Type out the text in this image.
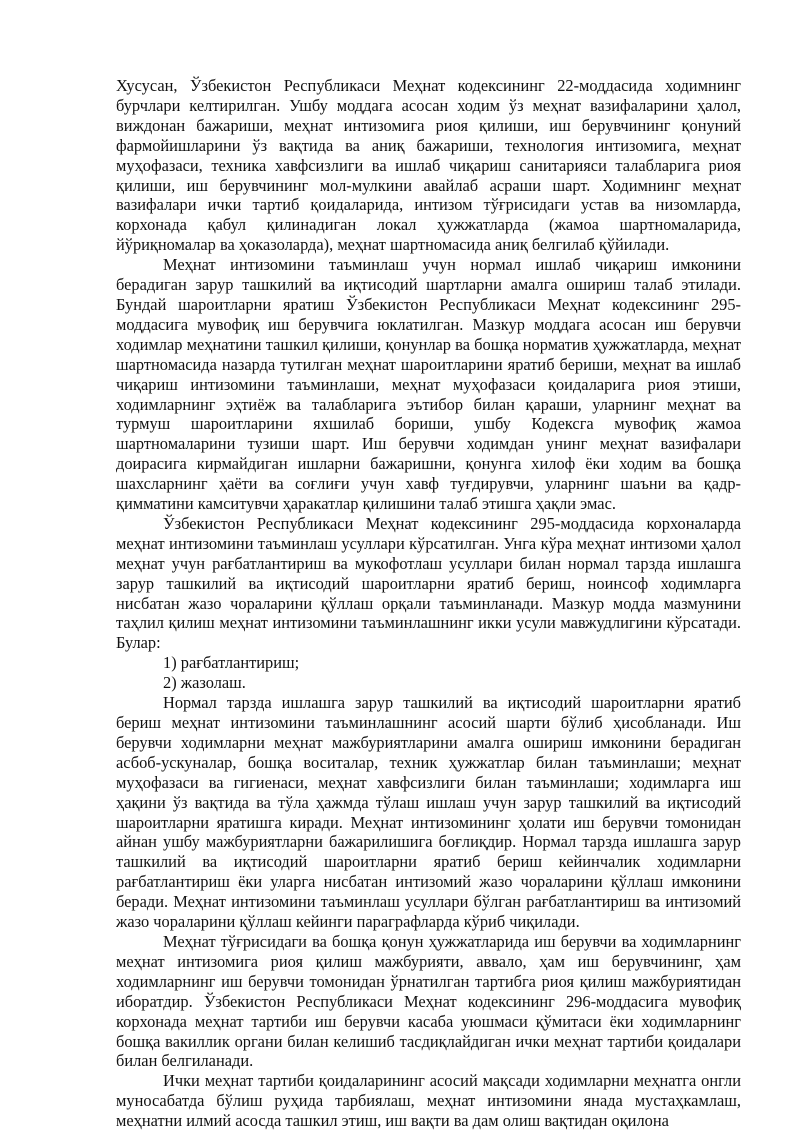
Хусусан, Ўзбекистон Республикаси Меҳнат кодексининг 22-моддасида ходимнинг бурчлари келтирилган. Ушбу моддага асосан ходим ўз меҳнат вазифаларини ҳалол, виждонан бажариши, меҳнат интизомига риоя қилиши, иш берувчининг қонуний фармойишларини ўз вақтида ва аниқ бажариши, технология интизомига, меҳнат муҳофазаси, техника хавфсизлиги ва ишлаб чиқариш санитарияси талабларига риоя қилиши, иш берувчининг мол-мулкини авайлаб асраши шарт. Ходимнинг меҳнат вазифалари ички тартиб қоидаларида, интизом тўғрисидаги устав ва низомларда, корхонада қабул қилинадиган локал ҳужжатларда (жамоа шартномаларида, йўриқномалар ва ҳоказоларда), меҳнат шартномасида аниқ белгилаб қўйилади.

Меҳнат интизомини таъминлаш учун нормал ишлаб чиқариш имконини берадиган зарур ташкилий ва иқтисодий шартларни амалга ошириш талаб этилади. Бундай шароитларни яратиш Ўзбекистон Республикаси Меҳнат кодексининг 295-моддасига мувофиқ иш берувчига юклатилган. Мазкур моддага асосан иш берувчи ходимлар меҳнатини ташкил қилиши, қонунлар ва бошқа норматив ҳужжатларда, меҳнат шартномасида назарда тутилган меҳнат шароитларини яратиб бериши, меҳнат ва ишлаб чиқариш интизомини таъминлаши, меҳнат муҳофазаси қоидаларига риоя этиши, ходимларнинг эҳтиёж ва талабларига эътибор билан қараши, уларнинг меҳнат ва турмуш шароитларини яхшилаб бориши, ушбу Кодексга мувофиқ жамоа шартномаларини тузиши шарт. Иш берувчи ходимдан унинг меҳнат вазифалари доирасига кирмайдиган ишларни бажаришни, қонунга хилоф ёки ходим ва бошқа шахсларнинг ҳаёти ва соғлиғи учун хавф туғдирувчи, уларнинг шаъни ва қадр-қимматини камситувчи ҳаракатлар қилишини талаб этишга ҳақли эмас.

Ўзбекистон Республикаси Меҳнат кодексининг 295-моддасида корхоналарда меҳнат интизомини таъминлаш усуллари кўрсатилган. Унга кўра меҳнат интизоми ҳалол меҳнат учун рағбатлантириш ва мукофотлаш усуллари билан нормал тарзда ишлашга зарур ташкилий ва иқтисодий шароитларни яратиб бериш, ноинсоф ходимларга нисбатан жазо чораларини қўллаш орқали таъминланади. Мазкур модда мазмунини таҳлил қилиш меҳнат интизомини таъминлашнинг икки усули мавжудлигини кўрсатади. Булар:

1) рағбатлантириш;

2) жазолаш.

Нормал тарзда ишлашга зарур ташкилий ва иқтисодий шароитларни яратиб бериш меҳнат интизомини таъминлашнинг асосий шарти бўлиб ҳисобланади. Иш берувчи ходимларни меҳнат мажбуриятларини амалга ошириш имконини берадиган асбоб-ускуналар, бошқа воситалар, техник ҳужжатлар билан таъминлаши; меҳнат муҳофазаси ва гигиенаси, меҳнат хавфсизлиги билан таъминлаши; ходимларга иш ҳақини ўз вақтида ва тўла ҳажмда тўлаш ишлаш учун зарур ташкилий ва иқтисодий шароитларни яратишга киради. Меҳнат интизомининг ҳолати иш берувчи томонидан айнан ушбу мажбуриятларни бажарилишига боғлиқдир. Нормал тарзда ишлашга зарур ташкилий ва иқтисодий шароитларни яратиб бериш кейинчалик ходимларни рағбатлантириш ёки уларга нисбатан интизомий жазо чораларини қўллаш имконини беради. Меҳнат интизомини таъминлаш усуллари бўлган рағбатлантириш ва интизомий жазо чораларини қўллаш кейинги параграфларда кўриб чиқилади.

Меҳнат тўғрисидаги ва бошқа қонун ҳужжатларида иш берувчи ва ходимларнинг меҳнат интизомига риоя қилиш мажбурияти, аввало, ҳам иш берувчининг, ҳам ходимларнинг иш берувчи томонидан ўрнатилган тартибга риоя қилиш мажбуриятидан иборатдир. Ўзбекистон Республикаси Меҳнат кодексининг 296-моддасига мувофиқ корхонада меҳнат тартиби иш берувчи касаба уюшмаси қўмитаси ёки ходимларнинг бошқа вакиллик органи билан келишиб тасдиқлайдиган ички меҳнат тартиби қоидалари билан белгиланади.

Ички меҳнат тартиби қоидаларининг асосий мақсади ходимларни меҳнатга онгли муносабатда бўлиш руҳида тарбиялаш, меҳнат интизомини янада мустаҳкамлаш, меҳнатни илмий асосда ташкил этиш, иш вақти ва дам олиш вақтидан оқилона
